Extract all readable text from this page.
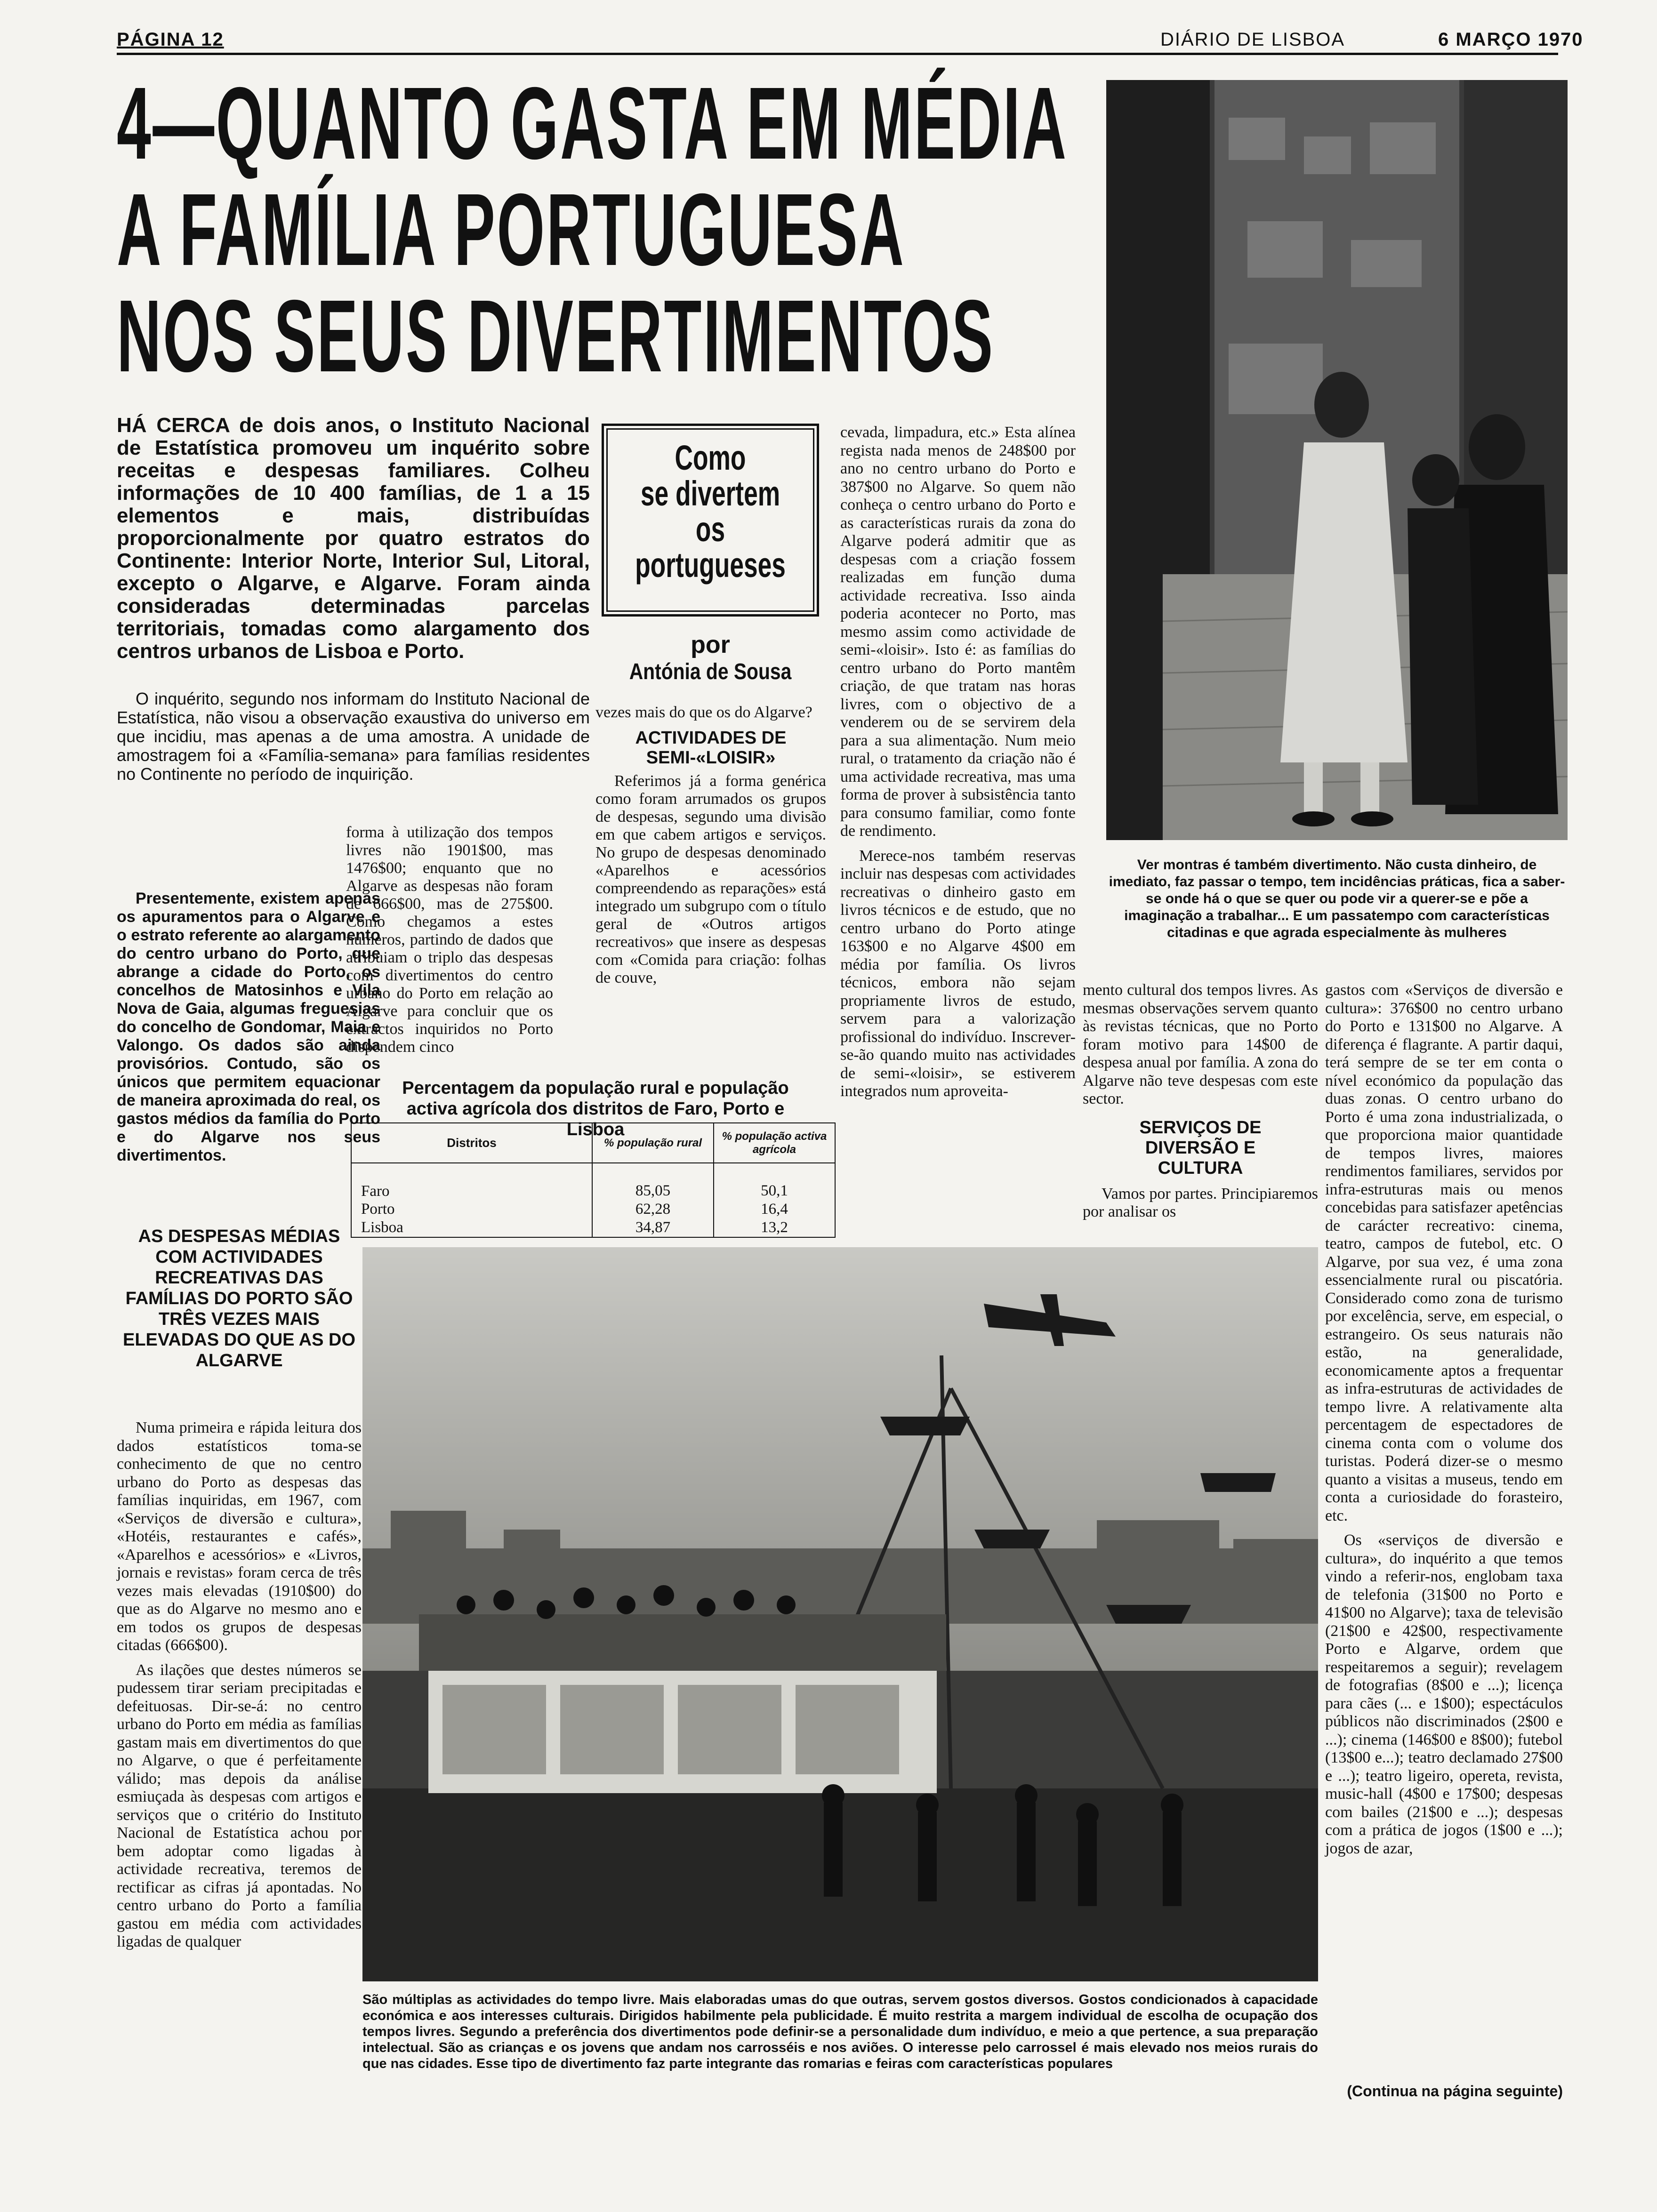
PÁGINA 12	DIÁRIO DE LISBOA	6 MARÇO 1970
4—QUANTO GASTA EM MÉDIA
A FAMÍLIA PORTUGUESA
NOS SEUS DIVERTIMENTOS
Ver montras é também divertimento. Não custa dinheiro, de imediato, faz passar o tempo, tem incidências práticas, fica a saber-se onde há o que se quer ou pode vir a querer-se e põe a imaginação a trabalhar... E um passatempo com características citadinas e que agrada especialmente às mulheres

HÁ CERCA de dois anos, o Instituto Nacional de Estatística promoveu um inquérito sobre receitas e despesas familiares. Colheu informações de 10 400 famílias, de 1 a 15 elementos e mais, distribuídas proporcionalmente por quatro estratos do Continente: Interior Norte, Interior Sul, Litoral, excepto o Algarve, e Algarve. Foram ainda consideradas determinadas parcelas territoriais, tomadas como alargamento dos centros urbanos de Lisboa e Porto.

O inquérito, segundo nos informam do Instituto Nacional de Estatística, não visou a observação exaustiva do universo em que incidiu, mas apenas a de uma amostra. A unidade de amostragem foi a «Família-semana» para famílias residentes no Continente no período de inquirição.

Presentemente, existem apenas os apuramentos para o Algarve e o estrato referente ao alargamento do centro urbano do Porto, que abrange a cidade do Porto, os concelhos de Matosinhos e Vila Nova de Gaia, algumas freguesias do concelho de Gondomar, Maia e Valongo. Os dados são ainda provisórios. Contudo, são os únicos que permitem equacionar de maneira aproximada do real, os gastos médios da família do Porto e do Algarve nos seus divertimentos.

AS DESPESAS MÉDIAS COM ACTIVIDADES RECREATIVAS DAS FAMÍLIAS DO PORTO SÃO TRÊS VEZES MAIS ELEVADAS DO QUE AS DO ALGARVE

Numa primeira e rápida leitura dos dados estatísticos toma-se conhecimento de que no centro urbano do Porto as despesas das famílias inquiridas, em 1967, com «Serviços de diversão e cultura», «Hotéis, restaurantes e cafés», «Aparelhos e acessórios» e «Livros, jornais e revistas» foram cerca de três vezes mais elevadas (1910$00) do que as do Algarve no mesmo ano e em todos os grupos de despesas citadas (666$00).

As ilações que destes números se pudessem tirar seriam precipitadas e defeituosas. Dir-se-á: no centro urbano do Porto em média as famílias gastam mais em divertimentos do que no Algarve, o que é perfeitamente válido; mas depois da análise esmiuçada às despesas com artigos e serviços que o critério do Instituto Nacional de Estatística achou por bem adoptar como ligadas à actividade recreativa, teremos de rectificar as cifras já apontadas. No centro urbano do Porto a família gastou em média com actividades ligadas de qualquer

Como
se divertem
os
portugueses
por
Antónia de Sousa

forma à utilização dos tempos livres não 1901$00, mas 1476$00; enquanto que no Algarve as despesas não foram de 666$00, mas de 275$00. Como chegamos a estes numeros, partindo de dados que atribuiam o triplo das despesas com divertimentos do centro urbano do Porto em relação ao Algarve para concluir que os extractos inquiridos no Porto dispendem cinco

vezes mais do que os do Algarve?

ACTIVIDADES DE SEMI-«LOISIR»

Referimos já a forma genérica como foram arrumados os grupos de despesas, segundo uma divisão em que cabem artigos e serviços. No grupo de despesas denominado «Aparelhos e acessórios compreendendo as reparações» está integrado um subgrupo com o título geral de «Outros artigos recreativos» que insere as despesas com «Comida para criação: folhas de couve,

cevada, limpadura, etc.» Esta alínea regista nada menos de 248$00 por ano no centro urbano do Porto e 387$00 no Algarve. So quem não conheça o centro urbano do Porto e as características rurais da zona do Algarve poderá admitir que as despesas com a criação fossem realizadas em função duma actividade recreativa. Isso ainda poderia acontecer no Porto, mas mesmo assim como actividade de semi-«loisir». Isto é: as famílias do centro urbano do Porto mantêm criação, de que tratam nas horas livres, com o objectivo de a venderem ou de se servirem dela para a sua alimentação. Num meio rural, o tratamento da criação não é uma actividade recreativa, mas uma forma de prover à subsistência tanto para consumo familiar, como fonte de rendimento.

Merece-nos também reservas incluir nas despesas com actividades recreativas o dinheiro gasto em livros técnicos e de estudo, que no centro urbano do Porto atinge 163$00 e no Algarve 4$00 em média por família. Os livros técnicos, embora não sejam propriamente livros de estudo, servem para a valorização profissional do indivíduo. Inscrever-se-ão quando muito nas actividades de semi-«loisir», se estiverem integrados num aproveita-

Percentagem da população rural e população activa agrícola dos distritos de Faro, Porto e Lisboa
Distritos	% população rural	% população activa agrícola
Faro	85,05	50,1
Porto	62,28	16,4
Lisboa	34,87	13,2

mento cultural dos tempos livres. As mesmas observações servem quanto às revistas técnicas, que no Porto foram motivo para 14$00 de despesa anual por família. A zona do Algarve não teve despesas com este sector.

SERVIÇOS DE DIVERSÃO E CULTURA

Vamos por partes. Principiaremos por analisar os

gastos com «Serviços de diversão e cultura»: 376$00 no centro urbano do Porto e 131$00 no Algarve. A diferença é flagrante. A partir daqui, terá sempre de se ter em conta o nível económico da população das duas zonas. O centro urbano do Porto é uma zona industrializada, o que proporciona maior quantidade de tempos livres, maiores rendimentos familiares, servidos por infra-estruturas mais ou menos concebidas para satisfazer apetências de carácter recreativo: cinema, teatro, campos de futebol, etc. O Algarve, por sua vez, é uma zona essencialmente rural ou piscatória. Considerado como zona de turismo por excelência, serve, em especial, o estrangeiro. Os seus naturais não estão, na generalidade, economicamente aptos a frequentar as infra-estruturas de actividades de tempo livre. A relativamente alta percentagem de espectadores de cinema conta com o volume dos turistas. Poderá dizer-se o mesmo quanto a visitas a museus, tendo em conta a curiosidade do forasteiro, etc.

Os «serviços de diversão e cultura», do inquérito a que temos vindo a referir-nos, englobam taxa de telefonia (31$00 no Porto e 41$00 no Algarve); taxa de televisão (21$00 e 42$00, respectivamente Porto e Algarve, ordem que respeitaremos a seguir); revelagem de fotografias (8$00 e ...); licença para cães (... e 1$00); espectáculos públicos não discriminados (2$00 e ...); cinema (146$00 e 8$00); futebol (13$00 e...); teatro declamado 27$00 e ...); teatro ligeiro, opereta, revista, music-hall (4$00 e 17$00; despesas com bailes (21$00 e ...); despesas com a prática de jogos (1$00 e ...); jogos de azar,

(Continua na página seguinte)
São múltiplas as actividades do tempo livre. Mais elaboradas umas do que outras, servem gostos diversos. Gostos condicionados à capacidade económica e aos interesses culturais. Dirigidos habilmente pela publicidade. É muito restrita a margem individual de escolha de ocupação dos tempos livres. Segundo a preferência dos divertimentos pode definir-se a personalidade dum indivíduo, e meio a que pertence, a sua preparação intelectual. São as crianças e os jovens que andam nos carrosséis e nos aviões. O interesse pelo carrossel é mais elevado nos meios rurais do que nas cidades. Esse tipo de divertimento faz parte integrante das romarias e feiras com características populares
